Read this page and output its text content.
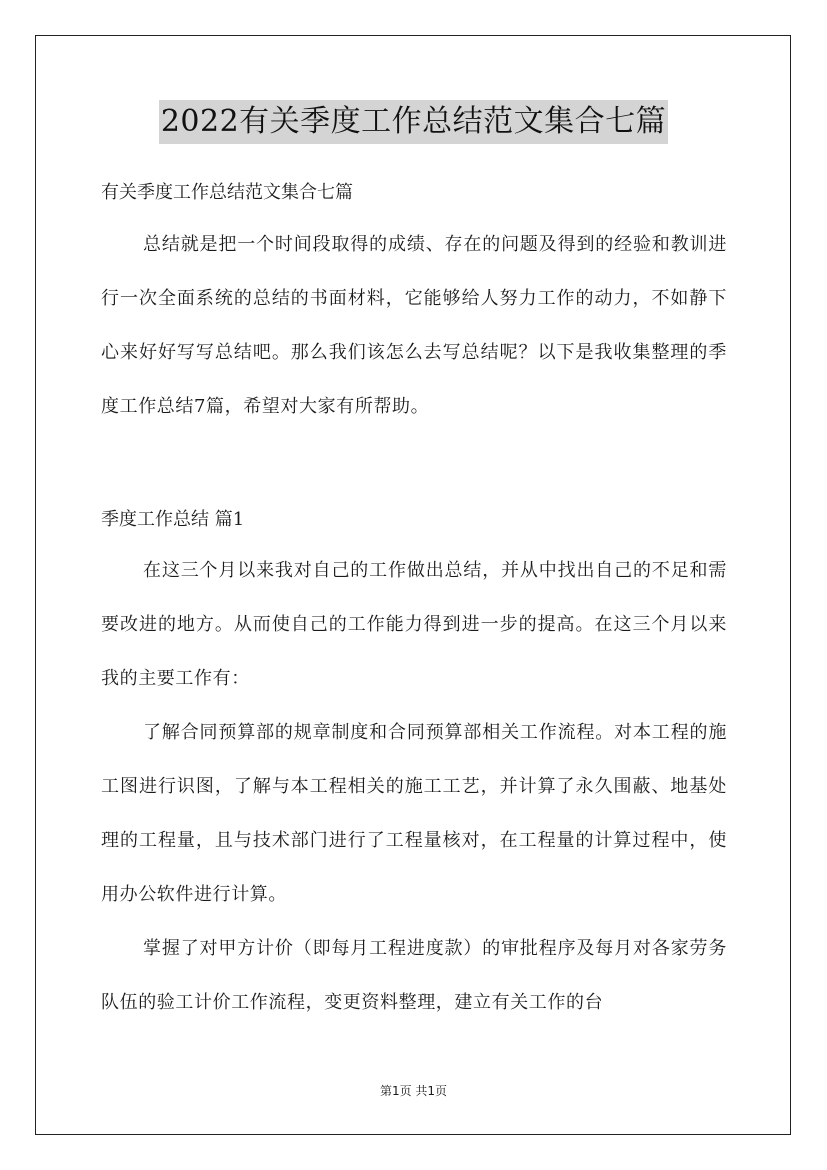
2022有关季度工作总结范文集合七篇

有关季度工作总结范文集合七篇

总结就是把一个时间段取得的成绩、存在的问题及得到的经验和教训进行一次全面系统的总结的书面材料，它能够给人努力工作的动力，不如静下心来好好写写总结吧。那么我们该怎么去写总结呢？以下是我收集整理的季度工作总结7篇，希望对大家有所帮助。

季度工作总结 篇1

在这三个月以来我对自己的工作做出总结，并从中找出自己的不足和需要改进的地方。从而使自己的工作能力得到进一步的提高。在这三个月以来我的主要工作有：

了解合同预算部的规章制度和合同预算部相关工作流程。对本工程的施工图进行识图，了解与本工程相关的施工工艺，并计算了永久围蔽、地基处理的工程量，且与技术部门进行了工程量核对，在工程量的计算过程中，使用办公软件进行计算。

掌握了对甲方计价（即每月工程进度款）的审批程序及每月对各家劳务队伍的验工计价工作流程，变更资料整理，建立有关工作的台

第1页 共1页
